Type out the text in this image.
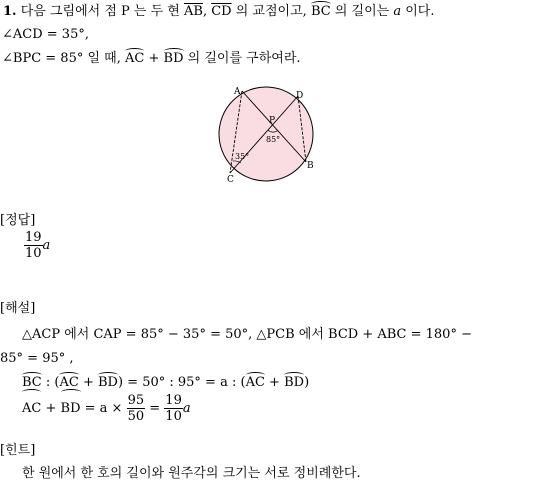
1. 다음 그림에서 점 P 는 두 현 $\overline{AB}$, $\overline{CD}$ 의 교점이고, BC 의 길이는 a 이다.
∠ACD = 35°,
∠BPC = 85° 일 때, AC + BD 의 길이를 구하여라.
A	D
P
B
C
85°
35°
[정답]
$\frac{19}{10}$ a
[해설]
△ACP 에서 CAP = 85° − 35° = 50°, △PCB 에서 BCD + ABC = 180° −
85° = 95° ,
BC : (AC + BD) = 50° : 95° = a : (AC + BD)
AC + BD = $a \times \frac{95}{50} = \frac{19}{10}$ a
[힌트]
한 원에서 한 호의 길이와 원주각의 크기는 서로 정비례한다.
